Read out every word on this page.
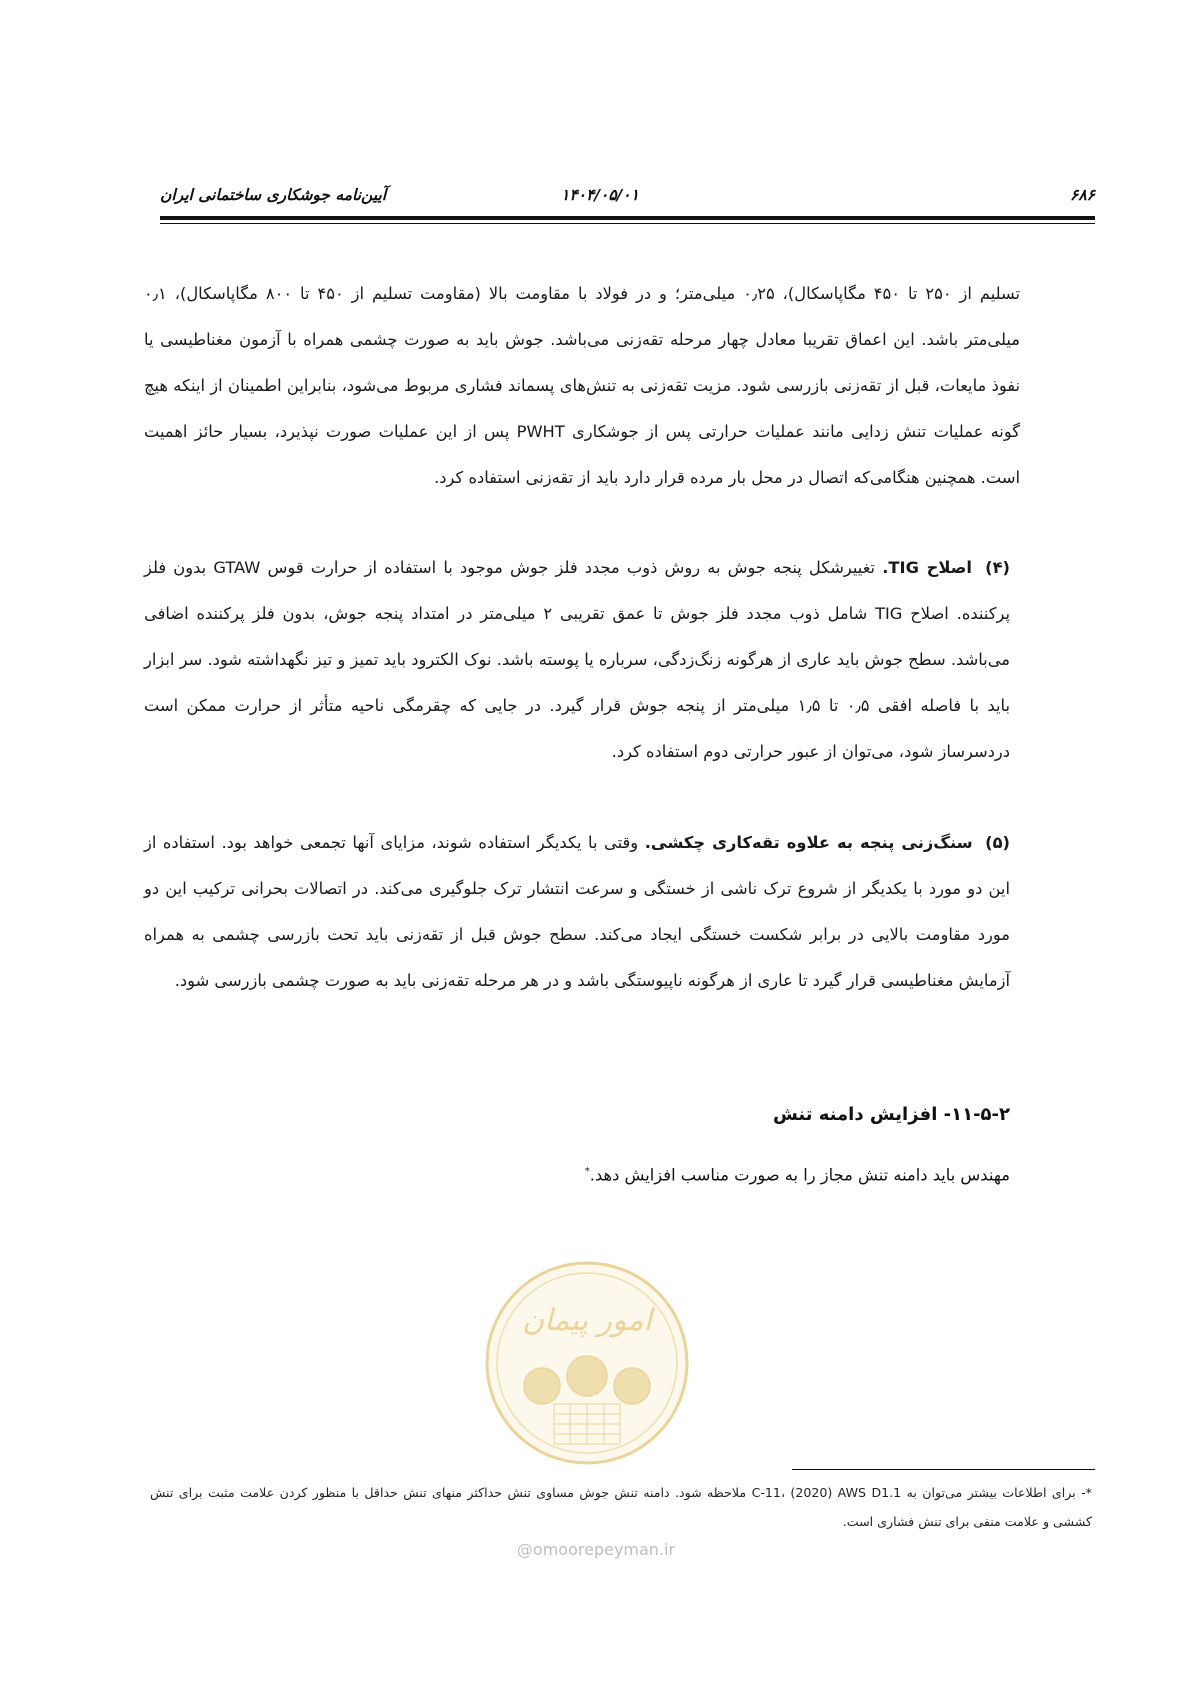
۶۸۶
۱۴۰۴/۰۵/۰۱
آیین‌نامه جوشکاری ساختمانی ایران
تسلیم از ۲۵۰ تا ۴۵۰ مگاپاسکال)، ۰٫۲۵ میلی‌متر؛ و در فولاد با مقاومت بالا (مقاومت تسلیم از ۴۵۰ تا ۸۰۰ مگاپاسکال)، ۰٫۱ میلی‌متر باشد. این اعماق تقریبا معادل چهار مرحله تقه‌زنی می‌باشد. جوش باید به صورت چشمی همراه با آزمون مغناطیسی یا نفوذ مایعات، قبل از تقه‌زنی بازرسی شود. مزیت تقه‌زنی به تنش‌های پسماند فشاری مربوط می‌شود، بنابراین اطمینان از اینکه هیچ گونه عملیات تنش زدایی مانند عملیات حرارتی پس از جوشکاری PWHT پس از این عملیات صورت نپذیرد، بسیار حائز اهمیت است. همچنین هنگامی‌که اتصال در محل بار مرده قرار دارد باید از تقه‌زنی استفاده کرد.
(۴) اصلاح TIG. تغییرشکل پنجه جوش به روش ذوب مجدد فلز جوش موجود با استفاده از حرارت قوس GTAW بدون فلز پرکننده. اصلاح TIG شامل ذوب مجدد فلز جوش تا عمق تقریبی ۲ میلی‌متر در امتداد پنجه جوش، بدون فلز پرکننده اضافی می‌باشد. سطح جوش باید عاری از هرگونه زنگ‌زدگی، سرباره یا پوسته باشد. نوک الکترود باید تمیز و تیز نگهداشته شود. سر ابزار باید با فاصله افقی ۰٫۵ تا ۱٫۵ میلی‌متر از پنجه جوش قرار گیرد. در جایی که چقرمگی ناحیه متأثر از حرارت ممکن است دردسرساز شود، می‌توان از عبور حرارتی دوم استفاده کرد.
(۵) سنگ‌زنی پنجه به علاوه تقه‌کاری چکشی. وقتی با یکدیگر استفاده شوند، مزایای آنها تجمعی خواهد بود. استفاده از این دو مورد با یکدیگر از شروع ترک ناشی از خستگی و سرعت انتشار ترک جلوگیری می‌کند. در اتصالات بحرانی ترکیب این دو مورد مقاومت بالایی در برابر شکست خستگی ایجاد می‌کند. سطح جوش قبل از تقه‌زنی باید تحت بازرسی چشمی به همراه آزمایش مغناطیسی قرار گیرد تا عاری از هرگونه ناپیوستگی باشد و در هر مرحله تقه‌زنی باید به صورت چشمی بازرسی شود.
۱۱-۵-۲- افزایش دامنه تنش
مهندس باید دامنه تنش مجاز را به صورت مناسب افزایش دهد.*
امور پیمان
*- برای اطلاعات بیشتر می‌توان به C-11، (2020) AWS D1.1 ملاحظه شود. دامنه تنش جوش مساوی تنش حداکثر منهای تنش حداقل با منظور کردن علامت مثبت برای تنش کششی و علامت منفی برای تنش فشاری است.
@omoorepeyman.ir
